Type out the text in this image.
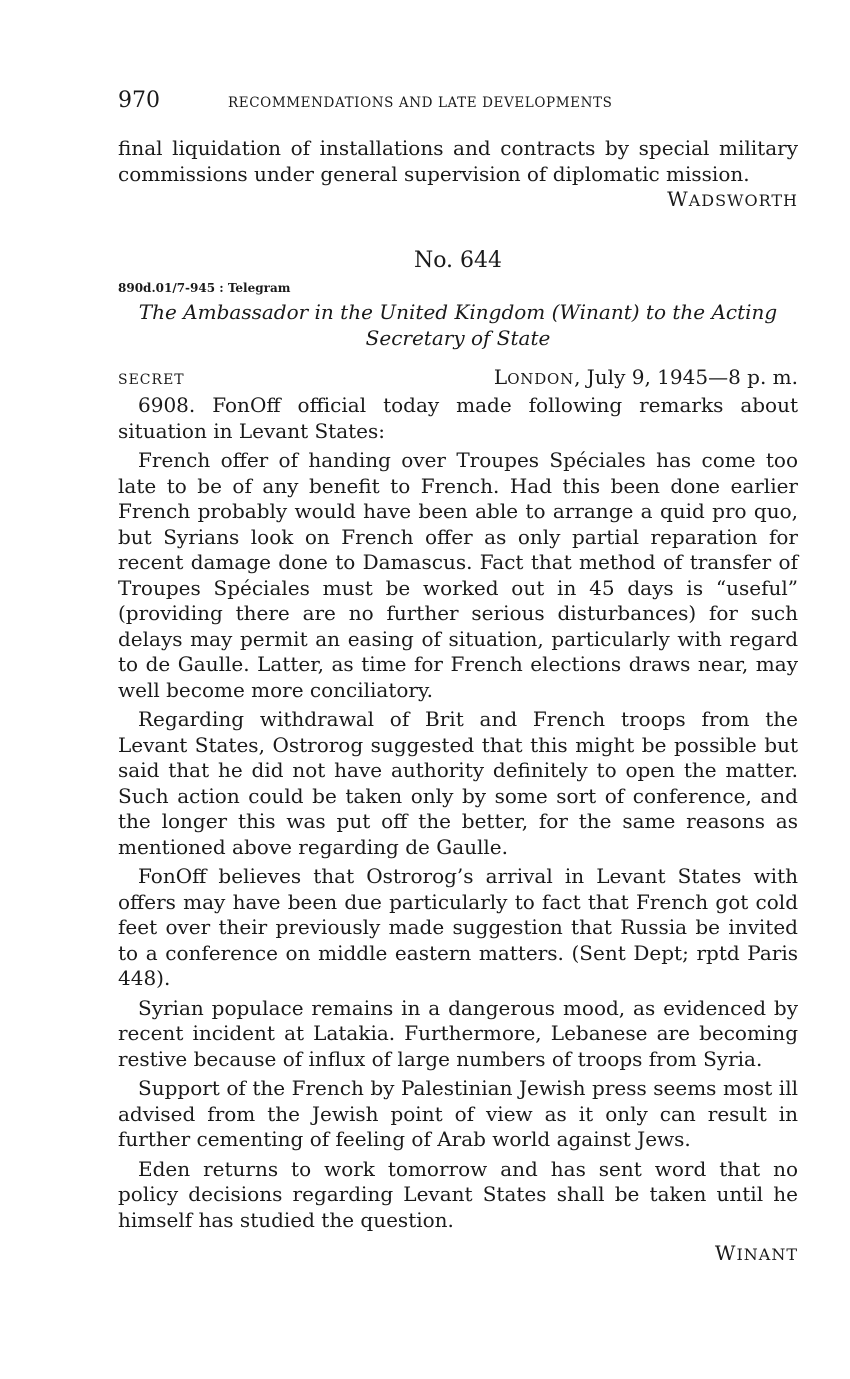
970	RECOMMENDATIONS AND LATE DEVELOPMENTS

final liquidation of installations and contracts by special military commissions under general supervision of diplomatic mission.

WADSWORTH
No. 644
890d.01/7-945 : Telegram
The Ambassador in the United Kingdom (Winant) to the Acting Secretary of State
SECRET	LONDON, July 9, 1945—8 p. m.

6908. FonOff official today made following remarks about situation in Levant States:

French offer of handing over Troupes Spéciales has come too late to be of any benefit to French. Had this been done earlier French probably would have been able to arrange a quid pro quo, but Syrians look on French offer as only partial reparation for recent damage done to Damascus. Fact that method of transfer of Troupes Spéciales must be worked out in 45 days is “useful” (providing there are no further serious disturbances) for such delays may permit an easing of situation, particularly with regard to de Gaulle. Latter, as time for French elections draws near, may well become more conciliatory.

Regarding withdrawal of Brit and French troops from the Levant States, Ostrorog suggested that this might be possible but said that he did not have authority definitely to open the matter. Such action could be taken only by some sort of conference, and the longer this was put off the better, for the same reasons as mentioned above regarding de Gaulle.

FonOff believes that Ostrorog’s arrival in Levant States with offers may have been due particularly to fact that French got cold feet over their previously made suggestion that Russia be invited to a conference on middle eastern matters. (Sent Dept; rptd Paris 448).

Syrian populace remains in a dangerous mood, as evidenced by recent incident at Latakia. Furthermore, Lebanese are becoming restive because of influx of large numbers of troops from Syria.

Support of the French by Palestinian Jewish press seems most ill advised from the Jewish point of view as it only can result in further cementing of feeling of Arab world against Jews.

Eden returns to work tomorrow and has sent word that no policy decisions regarding Levant States shall be taken until he himself has studied the question.

WINANT
